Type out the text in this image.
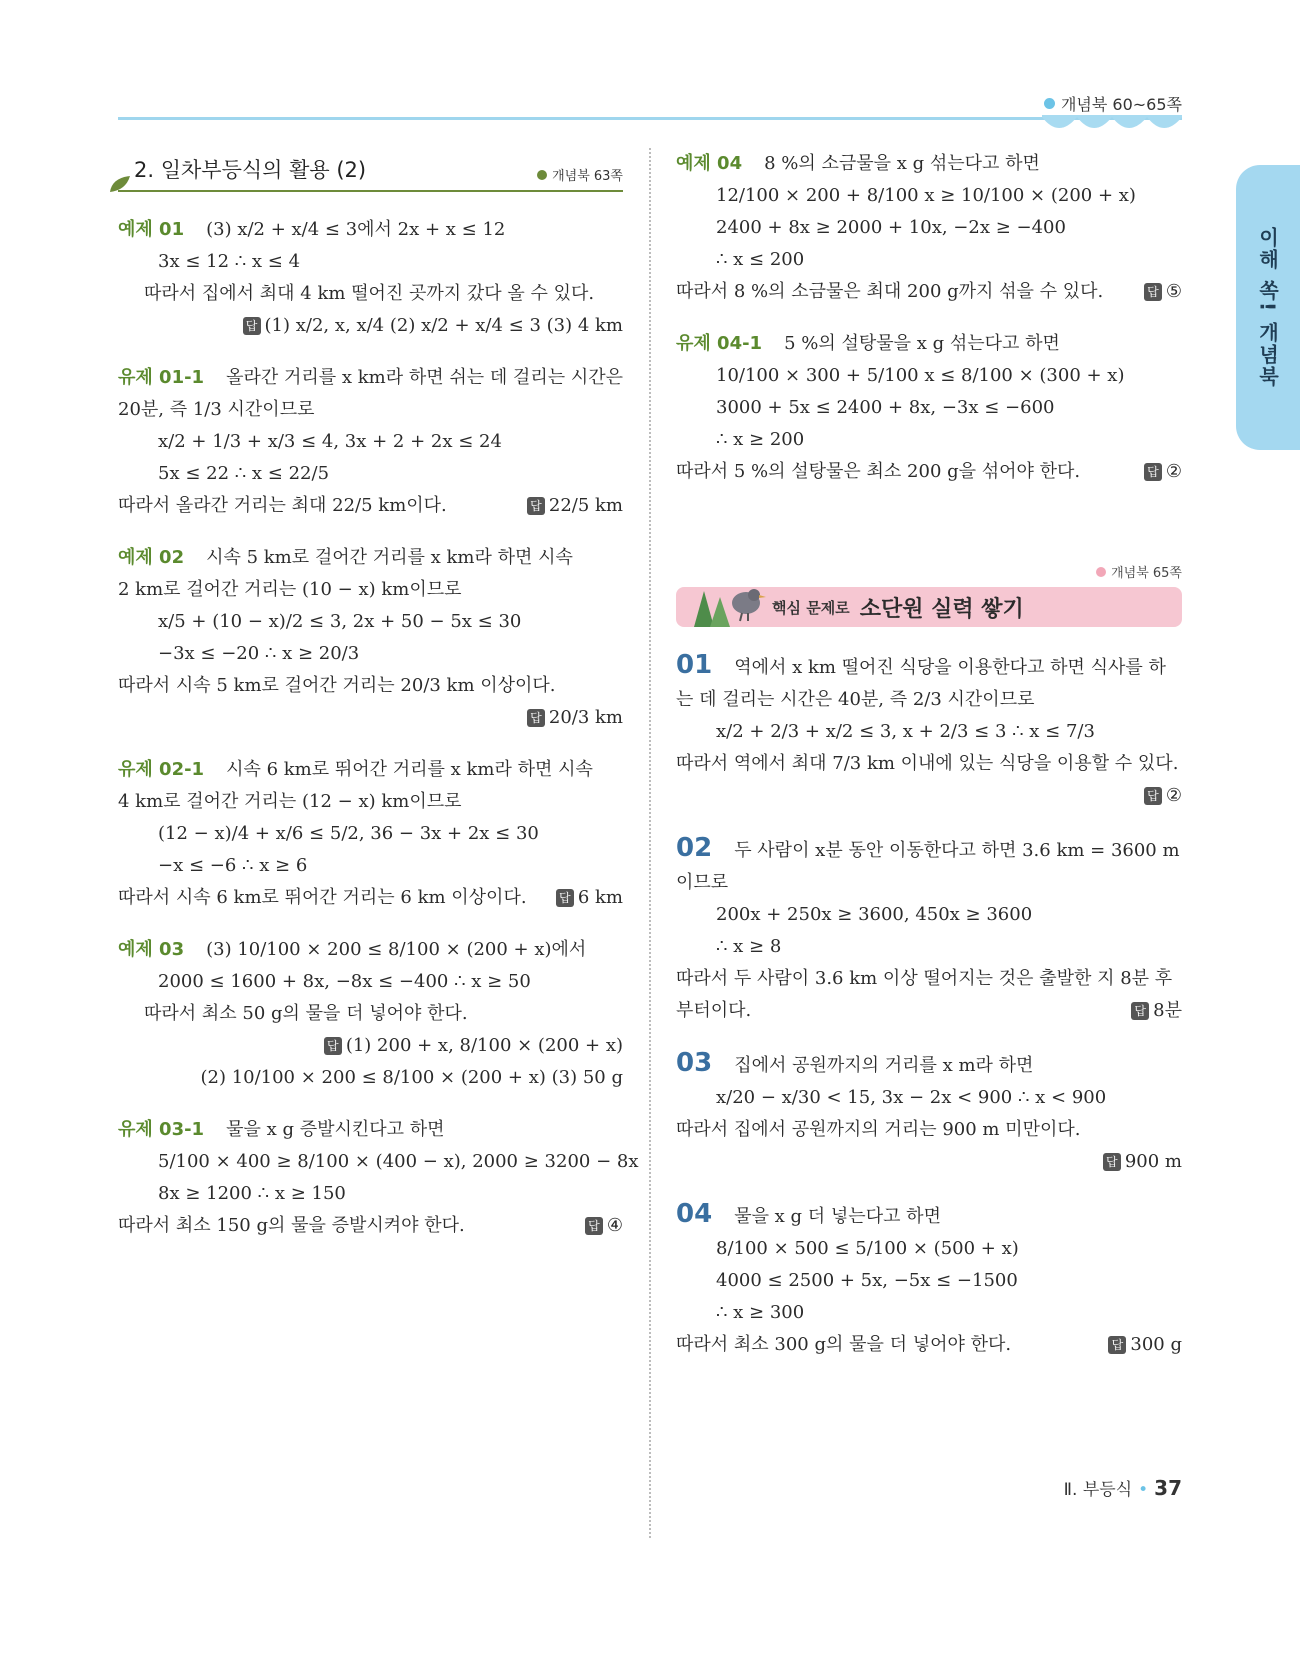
개념북 60~65쪽
이해 쏙! 개념북
2. 일차부등식의 활용 (2)	개념북 63쪽
예제 01 (3) x/2 + x/4 ≤ 3에서 2x + x ≤ 12
3x ≤ 12 ∴ x ≤ 4
따라서 집에서 최대 4 km 떨어진 곳까지 갔다 올 수 있다.
답 (1) x/2, x, x/4 (2) x/2 + x/4 ≤ 3 (3) 4 km
유제 01-1 올라간 거리를 x km라 하면 쉬는 데 걸리는 시간은
20분, 즉 1/3 시간이므로
x/2 + 1/3 + x/3 ≤ 4, 3x + 2 + 2x ≤ 24
5x ≤ 22 ∴ x ≤ 22/5
따라서 올라간 거리는 최대 22/5 km이다.	답 22/5 km
예제 02 시속 5 km로 걸어간 거리를 x km라 하면 시속
2 km로 걸어간 거리는 (10 − x) km이므로
x/5 + (10 − x)/2 ≤ 3, 2x + 50 − 5x ≤ 30
−3x ≤ −20 ∴ x ≥ 20/3
따라서 시속 5 km로 걸어간 거리는 20/3 km 이상이다.
답 20/3 km
유제 02-1 시속 6 km로 뛰어간 거리를 x km라 하면 시속
4 km로 걸어간 거리는 (12 − x) km이므로
(12 − x)/4 + x/6 ≤ 5/2, 36 − 3x + 2x ≤ 30
−x ≤ −6 ∴ x ≥ 6
따라서 시속 6 km로 뛰어간 거리는 6 km 이상이다.	답 6 km
예제 03 (3) 10/100 × 200 ≤ 8/100 × (200 + x)에서
2000 ≤ 1600 + 8x, −8x ≤ −400 ∴ x ≥ 50
따라서 최소 50 g의 물을 더 넣어야 한다.
답 (1) 200 + x, 8/100 × (200 + x)
(2) 10/100 × 200 ≤ 8/100 × (200 + x) (3) 50 g
유제 03-1 물을 x g 증발시킨다고 하면
5/100 × 400 ≥ 8/100 × (400 − x), 2000 ≥ 3200 − 8x
8x ≥ 1200 ∴ x ≥ 150
따라서 최소 150 g의 물을 증발시켜야 한다.	답 ④
예제 04 8 %의 소금물을 x g 섞는다고 하면
12/100 × 200 + 8/100 x ≥ 10/100 × (200 + x)
2400 + 8x ≥ 2000 + 10x, −2x ≥ −400
∴ x ≤ 200
따라서 8 %의 소금물은 최대 200 g까지 섞을 수 있다.	답 ⑤
유제 04-1 5 %의 설탕물을 x g 섞는다고 하면
10/100 × 300 + 5/100 x ≤ 8/100 × (300 + x)
3000 + 5x ≤ 2400 + 8x, −3x ≤ −600
∴ x ≥ 200
따라서 5 %의 설탕물은 최소 200 g을 섞어야 한다.	답 ②
개념북 65쪽
핵심 문제로 소단원 실력 쌓기
01 역에서 x km 떨어진 식당을 이용한다고 하면 식사를 하
는 데 걸리는 시간은 40분, 즉 2/3 시간이므로
x/2 + 2/3 + x/2 ≤ 3, x + 2/3 ≤ 3 ∴ x ≤ 7/3
따라서 역에서 최대 7/3 km 이내에 있는 식당을 이용할 수 있다.
답 ②
02 두 사람이 x분 동안 이동한다고 하면 3.6 km = 3600 m
이므로
200x + 250x ≥ 3600, 450x ≥ 3600
∴ x ≥ 8
따라서 두 사람이 3.6 km 이상 떨어지는 것은 출발한 지 8분 후
부터이다.	답 8분
03 집에서 공원까지의 거리를 x m라 하면
x/20 − x/30 < 15, 3x − 2x < 900 ∴ x < 900
따라서 집에서 공원까지의 거리는 900 m 미만이다.
답 900 m
04 물을 x g 더 넣는다고 하면
8/100 × 500 ≤ 5/100 × (500 + x)
4000 ≤ 2500 + 5x, −5x ≤ −1500
∴ x ≥ 300
따라서 최소 300 g의 물을 더 넣어야 한다.	답 300 g
Ⅱ. 부등식 • 37
